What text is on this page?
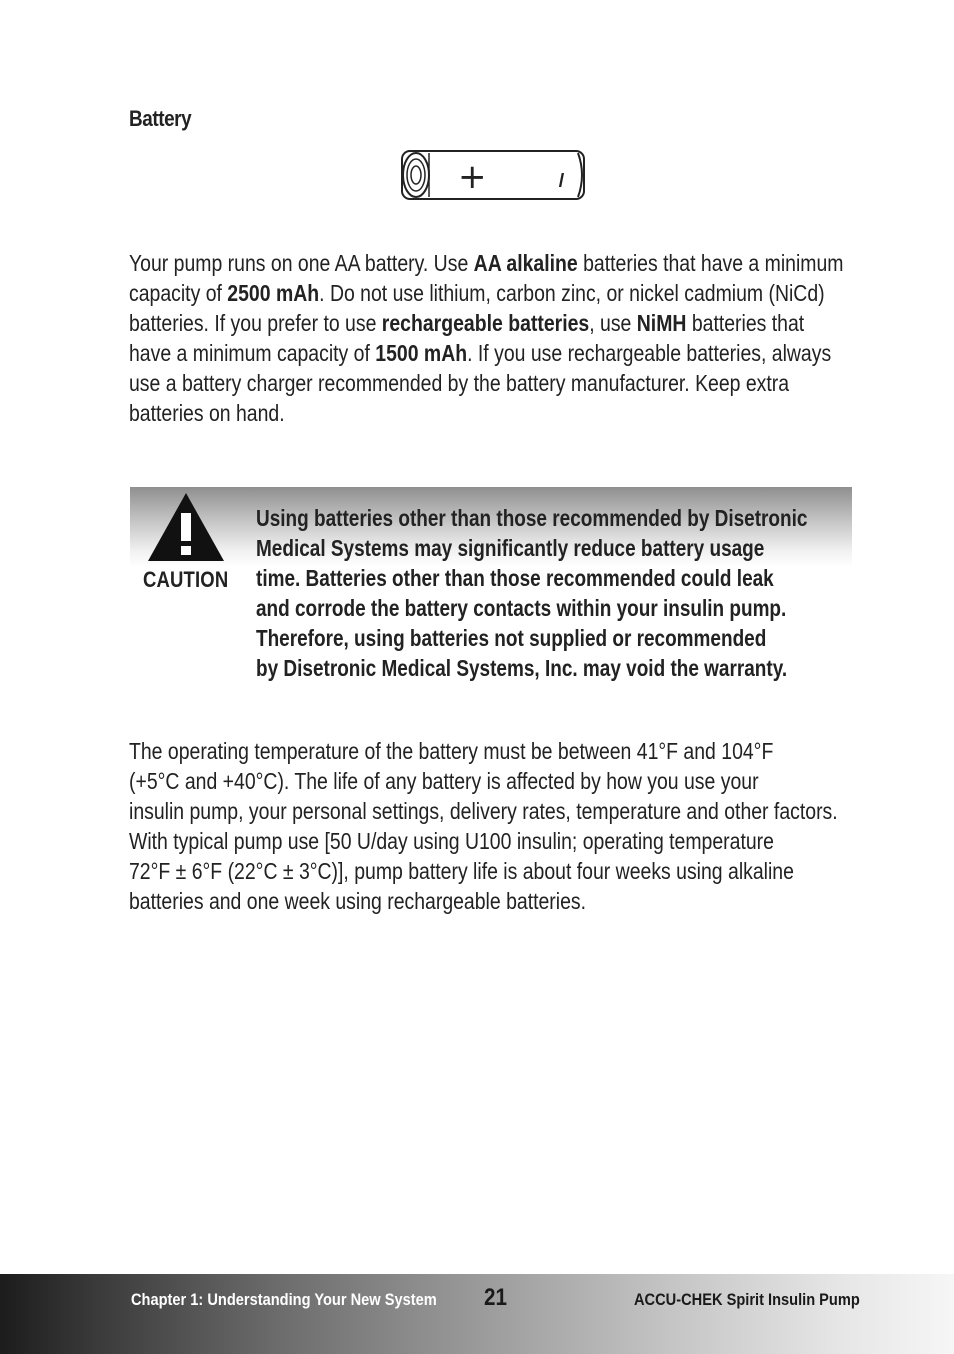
Battery
+	ı
Your pump runs on one AA battery. Use AA alkaline batteries that have a minimum
capacity of 2500 mAh. Do not use lithium, carbon zinc, or nickel cadmium (NiCd)
batteries. If you prefer to use rechargeable batteries, use NiMH batteries that
have a minimum capacity of 1500 mAh. If you use rechargeable batteries, always
use a battery charger recommended by the battery manufacturer. Keep extra
batteries on hand.
CAUTION
Using batteries other than those recommended by Disetronic
Medical Systems may significantly reduce battery usage
time. Batteries other than those recommended could leak
and corrode the battery contacts within your insulin pump.
Therefore, using batteries not supplied or recommended
by Disetronic Medical Systems, Inc. may void the warranty.
The operating temperature of the battery must be between 41°F and 104°F
(+5°C and +40°C). The life of any battery is affected by how you use your
insulin pump, your personal settings, delivery rates, temperature and other factors.
With typical pump use [50 U/day using U100 insulin; operating temperature
72°F ± 6°F (22°C ± 3°C)], pump battery life is about four weeks using alkaline
batteries and one week using rechargeable batteries.
Chapter 1: Understanding Your New System 21	ACCU-CHEK Spirit Insulin Pump
